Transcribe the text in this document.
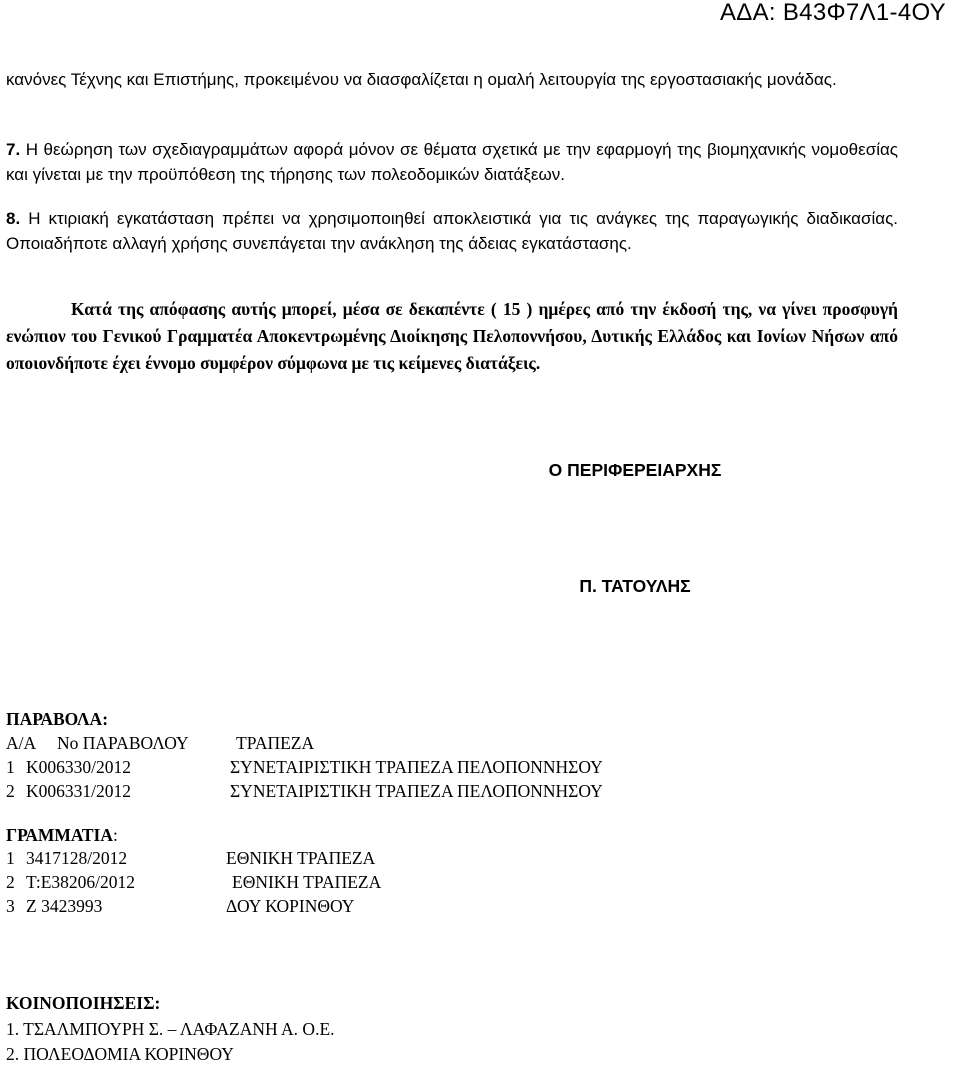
ΑΔΑ: Β43Φ7Λ1-4ΟΥ

κανόνες Τέχνης και Επιστήμης, προκειμένου να διασφαλίζεται η ομαλή λειτουργία της εργοστασιακής μονάδας.

7. Η θεώρηση των σχεδιαγραμμάτων αφορά μόνον σε θέματα σχετικά με την εφαρμογή της βιομηχανικής νομοθεσίας και γίνεται με την προϋπόθεση της τήρησης των πολεοδομικών διατάξεων.

8. Η κτιριακή εγκατάσταση πρέπει να χρησιμοποιηθεί αποκλειστικά για τις ανάγκες της παραγωγικής διαδικασίας. Οποιαδήποτε αλλαγή χρήσης συνεπάγεται την ανάκληση της άδειας εγκατάστασης.

Κατά της απόφασης αυτής μπορεί, μέσα σε δεκαπέντε ( 15 ) ημέρες από την έκδοσή της, να γίνει προσφυγή ενώπιον του Γενικού Γραμματέα Αποκεντρωμένης Διοίκησης Πελοποννήσου, Δυτικής Ελλάδος και Ιονίων Νήσων από οποιονδήποτε έχει έννομο συμφέρον σύμφωνα με τις κείμενες διατάξεις.

Ο ΠΕΡΙΦΕΡΕΙΑΡΧΗΣ

Π. ΤΑΤΟΥΛΗΣ

ΠΑΡΑΒΟΛΑ:
Α/Α Νο ΠΑΡΑΒΟΛΟΥ	ΤΡΑΠΕΖΑ
1 Κ006330/2012	ΣΥΝΕΤΑΙΡΙΣΤΙΚΗ ΤΡΑΠΕΖΑ ΠΕΛΟΠΟΝΝΗΣΟΥ
2 Κ006331/2012	ΣΥΝΕΤΑΙΡΙΣΤΙΚΗ ΤΡΑΠΕΖΑ ΠΕΛΟΠΟΝΝΗΣΟΥ
ΓΡΑΜΜΑΤΙΑ:
1 3417128/2012	ΕΘΝΙΚΗ ΤΡΑΠΕΖΑ
2 Τ:Ε38206/2012	ΕΘΝΙΚΗ ΤΡΑΠΕΖΑ
3 Ζ 3423993	ΔΟΥ ΚΟΡΙΝΘΟΥ
ΚΟΙΝΟΠΟΙΗΣΕΙΣ:
1. ΤΣΑΛΜΠΟΥΡΗ Σ. – ΛΑΦΑΖΑΝΗ Α. Ο.Ε.
2. ΠΟΛΕΟΔΟΜΙΑ ΚΟΡΙΝΘΟΥ
